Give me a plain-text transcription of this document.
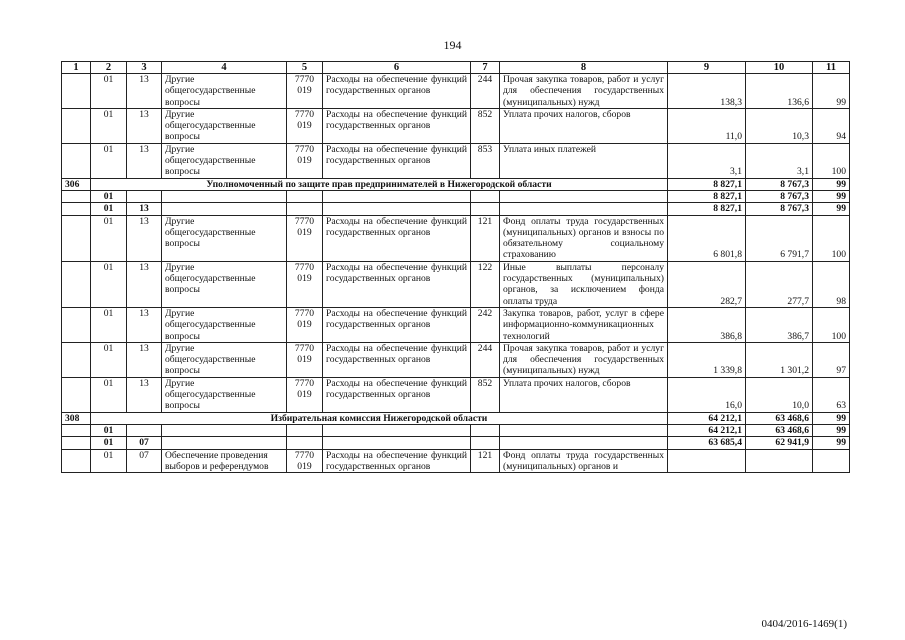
194
1	2	3	4	5	6	7	8	9	10	11
	01	13	Другие общегосударственные вопросы	7770 019	Расходы на обеспечение функций государственных органов	244	Прочая закупка товаров, работ и услуг для обеспечения государственных (муниципальных) нужд	138,3	136,6	99
	01	13	Другие общегосударственные вопросы	7770 019	Расходы на обеспечение функций государственных органов	852	Уплата прочих налогов, сборов	11,0	10,3	94
	01	13	Другие общегосударственные вопросы	7770 019	Расходы на обеспечение функций государственных органов	853	Уплата иных платежей	3,1	3,1	100
306	Уполномоченный по защите прав предпринимателей в Нижегородской области							8 827,1	8 767,3	99
	01							8 827,1	8 767,3	99
	01	13						8 827,1	8 767,3	99
	01	13	Другие общегосударственные вопросы	7770 019	Расходы на обеспечение функций государственных органов	121	Фонд оплаты труда государственных (муниципальных) органов и взносы по обязательному социальному страхованию	6 801,8	6 791,7	100
	01	13	Другие общегосударственные вопросы	7770 019	Расходы на обеспечение функций государственных органов	122	Иные выплаты персоналу государственных (муниципальных) органов, за исключением фонда оплаты труда	282,7	277,7	98
	01	13	Другие общегосударственные вопросы	7770 019	Расходы на обеспечение функций государственных органов	242	Закупка товаров, работ, услуг в сфере информационно-коммуникационных технологий	386,8	386,7	100
	01	13	Другие общегосударственные вопросы	7770 019	Расходы на обеспечение функций государственных органов	244	Прочая закупка товаров, работ и услуг для обеспечения государственных (муниципальных) нужд	1 339,8	1 301,2	97
	01	13	Другие общегосударственные вопросы	7770 019	Расходы на обеспечение функций государственных органов	852	Уплата прочих налогов, сборов	16,0	10,0	63
308	Избирательная комиссия Нижегородской области							64 212,1	63 468,6	99
	01							64 212,1	63 468,6	99
	01	07						63 685,4	62 941,9	99
	01	07	Обеспечение проведения выборов и референдумов	7770 019	Расходы на обеспечение функций государственных органов	121	Фонд оплаты труда государственных (муниципальных) органов и			
0404/2016-1469(1)
